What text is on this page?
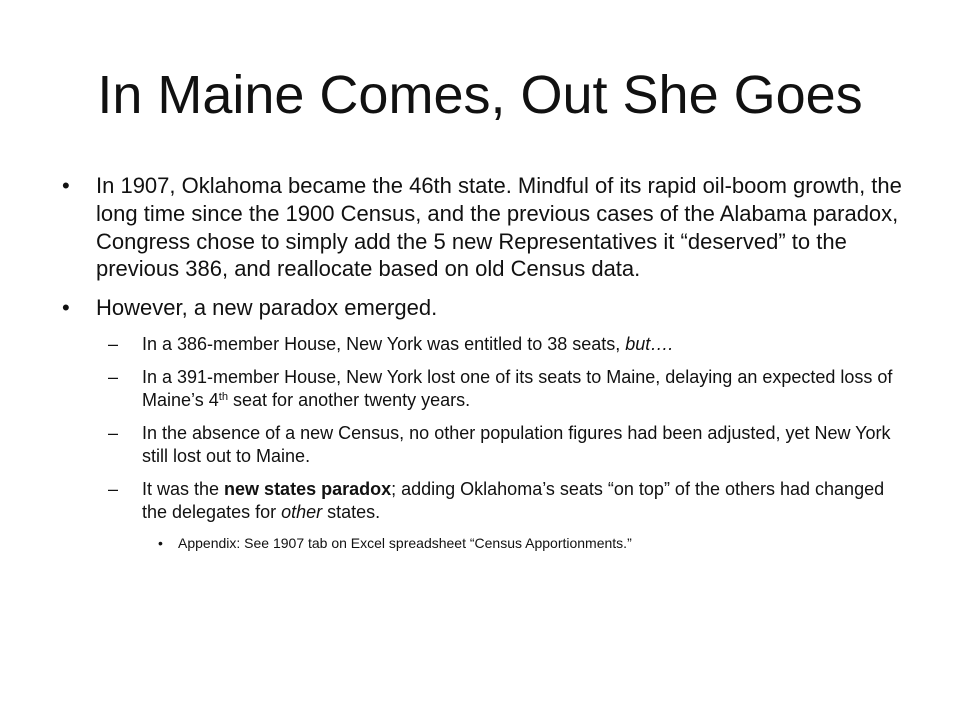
In Maine Comes, Out She Goes
• In 1907, Oklahoma became the 46th state. Mindful of its rapid oil-boom growth, the long time since the 1900 Census, and the previous cases of the Alabama paradox, Congress chose to simply add the 5 new Representatives it “deserved” to the previous 386, and reallocate based on old Census data.
• However, a new paradox emerged.
– In a 386-member House, New York was entitled to 38 seats, but….
– In a 391-member House, New York lost one of its seats to Maine, delaying an expected loss of Maine’s 4th seat for another twenty years.
– In the absence of a new Census, no other population figures had been adjusted, yet New York still lost out to Maine.
– It was the new states paradox; adding Oklahoma’s seats “on top” of the others had changed the delegates for other states.
• Appendix: See 1907 tab on Excel spreadsheet “Census Apportionments.”
